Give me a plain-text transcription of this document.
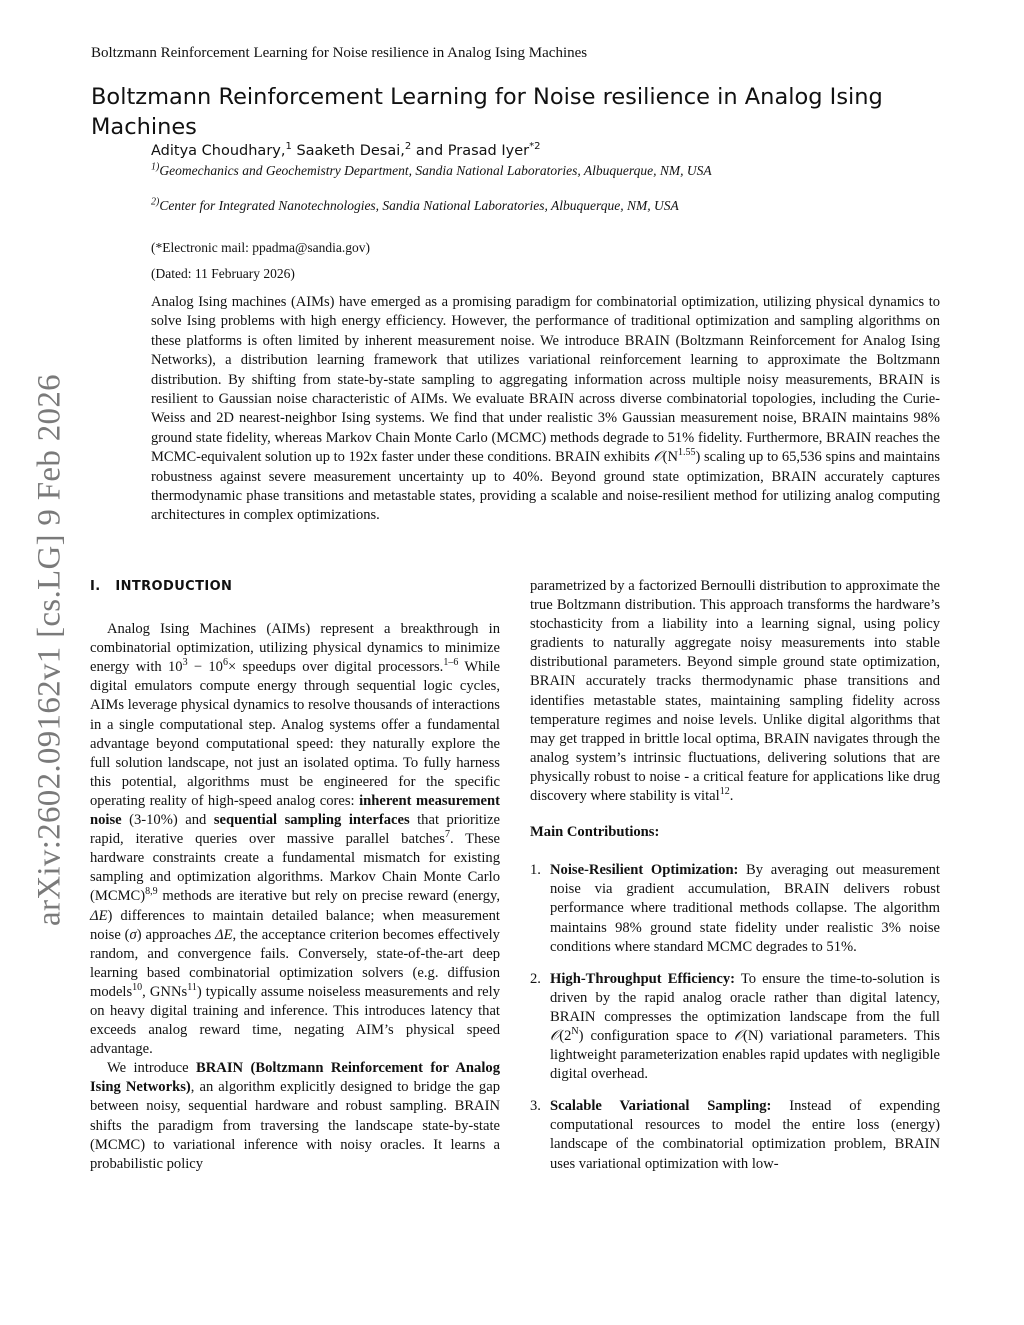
Boltzmann Reinforcement Learning for Noise resilience in Analog Ising Machines
arXiv:2602.09162v1 [cs.LG] 9 Feb 2026
Boltzmann Reinforcement Learning for Noise resilience in Analog Ising Machines
Aditya Choudhary,$^1$ Saaketh Desai,$^2$ and Prasad Iyer$^{*2}$
$^{1)}$Geomechanics and Geochemistry Department, Sandia National Laboratories, Albuquerque, NM, USA
$^{2)}$Center for Integrated Nanotechnologies, Sandia National Laboratories, Albuquerque, NM, USA
(*Electronic mail: ppadma@sandia.gov)
(Dated: 11 February 2026)

Analog Ising machines (AIMs) have emerged as a promising paradigm for combinatorial optimization, utilizing physical dynamics to solve Ising problems with high energy efficiency. However, the performance of traditional optimization and sampling algorithms on these platforms is often limited by inherent measurement noise. We introduce BRAIN (Boltzmann Reinforcement for Analog Ising Networks), a distribution learning framework that utilizes variational reinforcement learning to approximate the Boltzmann distribution. By shifting from state-by-state sampling to aggregating information across multiple noisy measurements, BRAIN is resilient to Gaussian noise characteristic of AIMs. We evaluate BRAIN across diverse combinatorial topologies, including the Curie-Weiss and 2D nearest-neighbor Ising systems. We find that under realistic 3% Gaussian measurement noise, BRAIN maintains 98% ground state fidelity, whereas Markov Chain Monte Carlo (MCMC) methods degrade to 51% fidelity. Furthermore, BRAIN reaches the MCMC-equivalent solution up to 192x faster under these conditions. BRAIN exhibits $𝒪(N^{1.55})$ scaling up to 65,536 spins and maintains robustness against severe measurement uncertainty up to 40%. Beyond ground state optimization, BRAIN accurately captures thermodynamic phase transitions and metastable states, providing a scalable and noise-resilient method for utilizing analog computing architectures in complex optimizations.

I. INTRODUCTION

Analog Ising Machines (AIMs) represent a breakthrough in combinatorial optimization, utilizing physical dynamics to minimize energy with $10^3 - 10^6\times$ speedups over digital processors.$^{1-6}$ While digital emulators compute energy through sequential logic cycles, AIMs leverage physical dynamics to resolve thousands of interactions in a single computational step. Analog systems offer a fundamental advantage beyond computational speed: they naturally explore the full solution landscape, not just an isolated optima. To fully harness this potential, algorithms must be engineered for the specific operating reality of high-speed analog cores: inherent measurement noise (3-10%) and sequential sampling interfaces that prioritize rapid, iterative queries over massive parallel batches$^7$. These hardware constraints create a fundamental mismatch for existing sampling and optimization algorithms. Markov Chain Monte Carlo (MCMC)$^{8,9}$ methods are iterative but rely on precise reward (energy, ΔE) differences to maintain detailed balance; when measurement noise (σ) approaches ΔE, the acceptance criterion becomes effectively random, and convergence fails. Conversely, state-of-the-art deep learning based combinatorial optimization solvers (e.g. diffusion models$^{10}$, GNNs$^{11}$) typically assume noiseless measurements and rely on heavy digital training and inference. This introduces latency that exceeds analog reward time, negating AIM’s physical speed advantage.

We introduce BRAIN (Boltzmann Reinforcement for Analog Ising Networks), an algorithm explicitly designed to bridge the gap between noisy, sequential hardware and robust sampling. BRAIN shifts the paradigm from traversing the landscape state-by-state (MCMC) to variational inference with noisy oracles. It learns a probabilistic policy

parametrized by a factorized Bernoulli distribution to approximate the true Boltzmann distribution. This approach transforms the hardware’s stochasticity from a liability into a learning signal, using policy gradients to naturally aggregate noisy measurements into stable distributional parameters. Beyond simple ground state optimization, BRAIN accurately tracks thermodynamic phase transitions and identifies metastable states, maintaining sampling fidelity across temperature regimes and noise levels. Unlike digital algorithms that may get trapped in brittle local optima, BRAIN navigates through the analog system’s intrinsic fluctuations, delivering solutions that are physically robust to noise - a critical feature for applications like drug discovery where stability is vital$^{12}$.

Main Contributions:
1. Noise-Resilient Optimization: By averaging out measurement noise via gradient accumulation, BRAIN delivers robust performance where traditional methods collapse. The algorithm maintains 98% ground state fidelity under realistic 3% noise conditions where standard MCMC degrades to 51%.
2. High-Throughput Efficiency: To ensure the time-to-solution is driven by the rapid analog oracle rather than digital latency, BRAIN compresses the optimization landscape from the full $𝒪(2^N)$ configuration space to 𝒪(N) variational parameters. This lightweight parameterization enables rapid updates with negligible digital overhead.
3. Scalable Variational Sampling: Instead of expending computational resources to model the entire loss (energy) landscape of the combinatorial optimization problem, BRAIN uses variational optimization with low-
